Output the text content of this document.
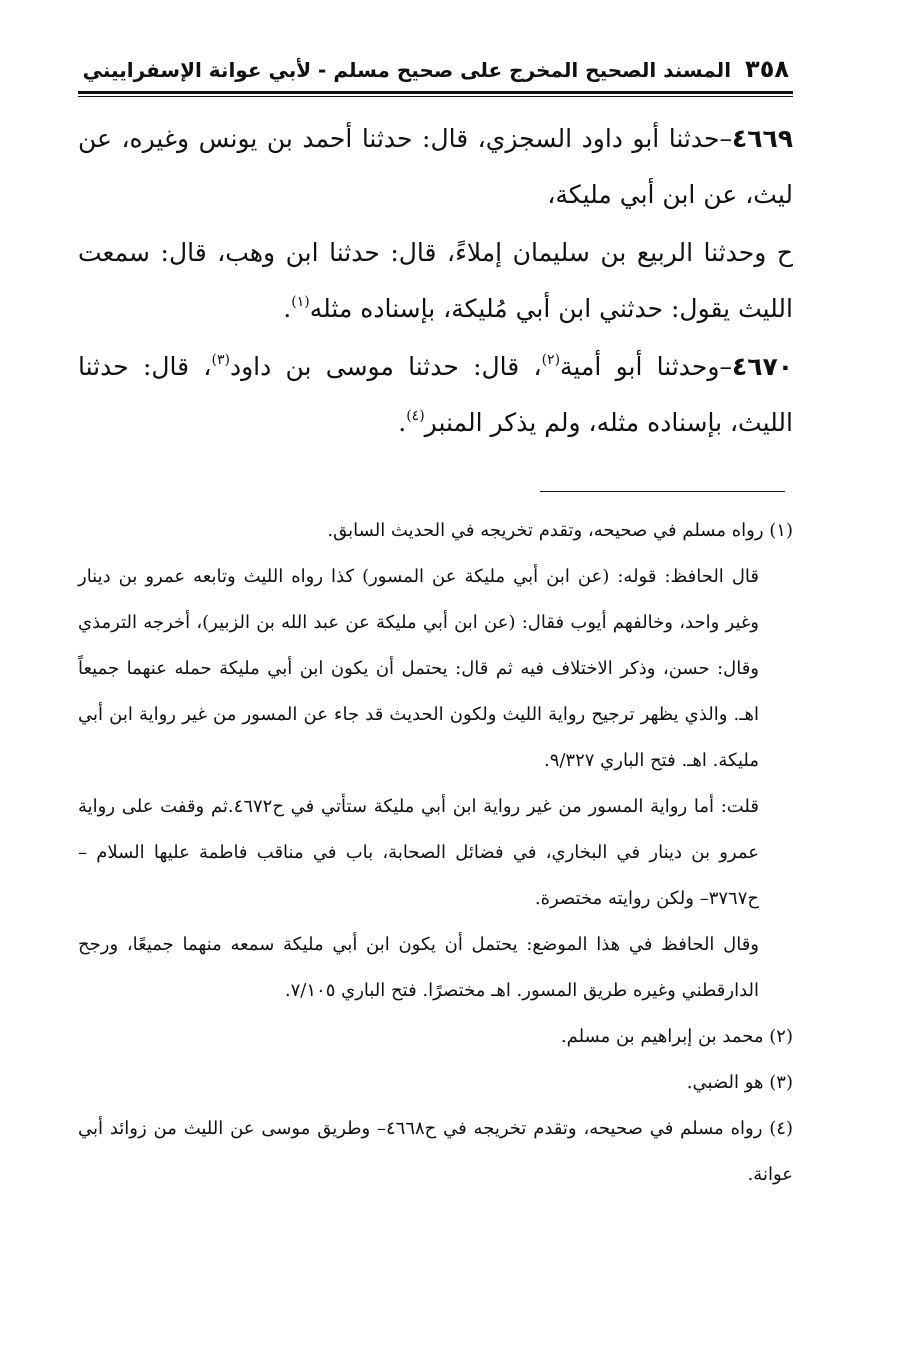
٣٥٨
المسند الصحيح المخرج على صحيح مسلم - لأبي عوانة الإسفراييني

٤٦٦٩–حدثنا أبو داود السجزي، قال: حدثنا أحمد بن يونس وغيره، عن ليث، عن ابن أبي مليكة،

ح وحدثنا الربيع بن سليمان إملاءً، قال: حدثنا ابن وهب، قال: سمعت الليث يقول: حدثني ابن أبي مُليكة، بإسناده مثله$^{(١)}$.

٤٦٧٠–وحدثنا أبو أمية$^{(٢)}$، قال: حدثنا موسى بن داود$^{(٣)}$، قال: حدثنا الليث، بإسناده مثله، ولم يذكر المنبر$^{(٤)}$.

(١) رواه مسلم في صحيحه، وتقدم تخريجه في الحديث السابق.

قال الحافظ: قوله: (عن ابن أبي مليكة عن المسور) كذا رواه الليث وتابعه عمرو بن دينار وغير واحد، وخالفهم أيوب فقال: (عن ابن أبي مليكة عن عبد الله بن الزبير)، أخرجه الترمذي وقال: حسن، وذكر الاختلاف فيه ثم قال: يحتمل أن يكون ابن أبي مليكة حمله عنهما جميعاً اهـ. والذي يظهر ترجيح رواية الليث ولكون الحديث قد جاء عن المسور من غير رواية ابن أبي مليكة. اهـ. فتح الباري ٩/٣٢٧.

قلت: أما رواية المسور من غير رواية ابن أبي مليكة ستأتي في ح٤٦٧٢.ثم وقفت على رواية عمرو بن دينار في البخاري، في فضائل الصحابة، باب في مناقب فاطمة عليها السلام –ح٣٧٦٧– ولكن روايته مختصرة.

وقال الحافظ في هذا الموضع: يحتمل أن يكون ابن أبي مليكة سمعه منهما جميعًا، ورجح الدارقطني وغيره طريق المسور. اهـ مختصرًا. فتح الباري ٧/١٠٥.

(٢) محمد بن إبراهيم بن مسلم.

(٣) هو الضبي.

(٤) رواه مسلم في صحيحه، وتقدم تخريجه في ح٤٦٦٨– وطريق موسى عن الليث من زوائد أبي عوانة.
